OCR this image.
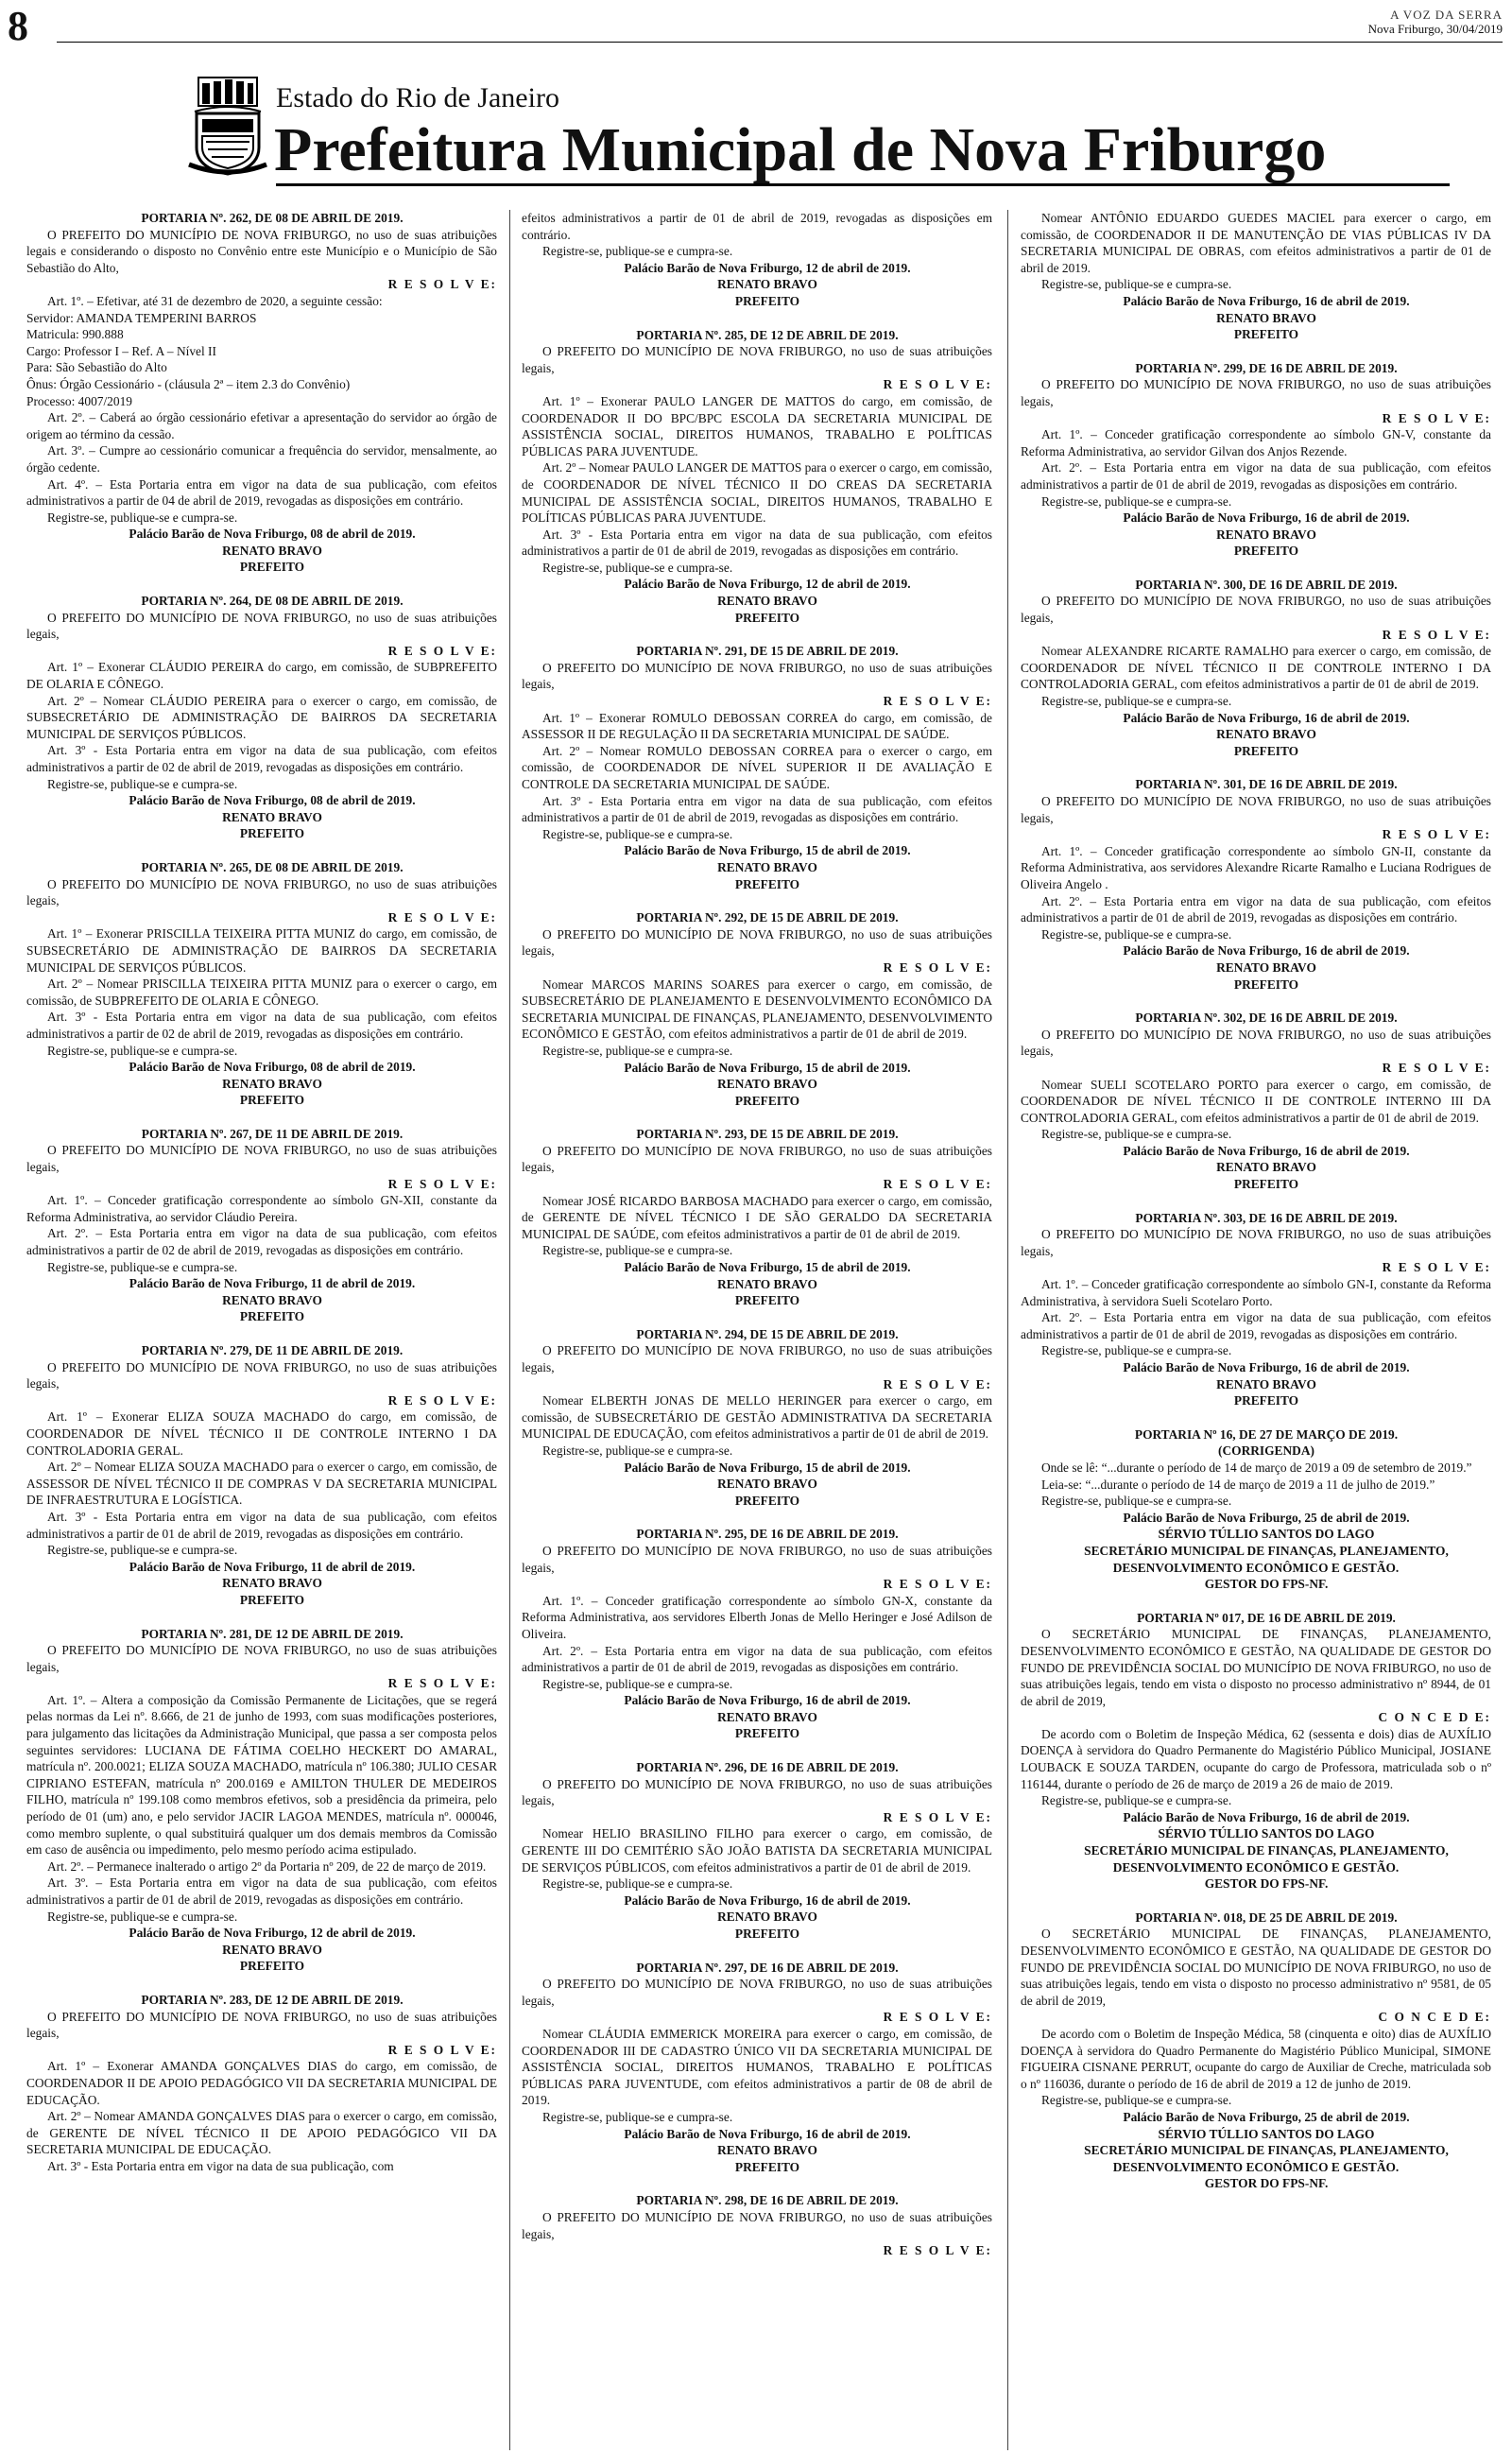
8	A VOZ DA SERRA
Nova Friburgo, 30/04/2019
Estado do Rio de Janeiro
Prefeitura Municipal de Nova Friburgo

PORTARIA Nº. 262, DE 08 DE ABRIL DE 2019.

O PREFEITO DO MUNICÍPIO DE NOVA FRIBURGO, no uso de suas atribuições legais e considerando o disposto no Convênio entre este Município e o Município de São Sebastião do Alto,

R E S O L V E:

Art. 1º. – Efetivar, até 31 de dezembro de 2020, a seguinte cessão:

Servidor: AMANDA TEMPERINI BARROS

Matricula: 990.888

Cargo: Professor I – Ref. A – Nível II

Para: São Sebastião do Alto

Ônus: Órgão Cessionário - (cláusula 2ª – item 2.3 do Convênio)

Processo: 4007/2019

Art. 2º. – Caberá ao órgão cessionário efetivar a apresentação do servidor ao órgão de origem ao término da cessão.

Art. 3º. – Cumpre ao cessionário comunicar a frequência do servidor, mensalmente, ao órgão cedente.

Art. 4º. – Esta Portaria entra em vigor na data de sua publicação, com efeitos administrativos a partir de 04 de abril de 2019, revogadas as disposições em contrário.

Registre-se, publique-se e cumpra-se.

Palácio Barão de Nova Friburgo, 08 de abril de 2019.

RENATO BRAVO

PREFEITO

PORTARIA Nº. 264, DE 08 DE ABRIL DE 2019.

O PREFEITO DO MUNICÍPIO DE NOVA FRIBURGO, no uso de suas atribuições legais,

R E S O L V E:

Art. 1º – Exonerar CLÁUDIO PEREIRA do cargo, em comissão, de SUBPREFEITO DE OLARIA E CÔNEGO.

Art. 2º – Nomear CLÁUDIO PEREIRA para o exercer o cargo, em comissão, de SUBSECRETÁRIO DE ADMINISTRAÇÃO DE BAIRROS DA SECRETARIA MUNICIPAL DE SERVIÇOS PÚBLICOS.

Art. 3º - Esta Portaria entra em vigor na data de sua publicação, com efeitos administrativos a partir de 02 de abril de 2019, revogadas as disposições em contrário.

Registre-se, publique-se e cumpra-se.

Palácio Barão de Nova Friburgo, 08 de abril de 2019.

RENATO BRAVO

PREFEITO

PORTARIA Nº. 265, DE 08 DE ABRIL DE 2019.

O PREFEITO DO MUNICÍPIO DE NOVA FRIBURGO, no uso de suas atribuições legais,

R E S O L V E:

Art. 1º – Exonerar PRISCILLA TEIXEIRA PITTA MUNIZ do cargo, em comissão, de SUBSECRETÁRIO DE ADMINISTRAÇÃO DE BAIRROS DA SECRETARIA MUNICIPAL DE SERVIÇOS PÚBLICOS.

Art. 2º – Nomear PRISCILLA TEIXEIRA PITTA MUNIZ para o exercer o cargo, em comissão, de SUBPREFEITO DE OLARIA E CÔNEGO.

Art. 3º - Esta Portaria entra em vigor na data de sua publicação, com efeitos administrativos a partir de 02 de abril de 2019, revogadas as disposições em contrário.

Registre-se, publique-se e cumpra-se.

Palácio Barão de Nova Friburgo, 08 de abril de 2019.

RENATO BRAVO

PREFEITO

PORTARIA Nº. 267, DE 11 DE ABRIL DE 2019.

O PREFEITO DO MUNICÍPIO DE NOVA FRIBURGO, no uso de suas atribuições legais,

R E S O L V E:

Art. 1º. – Conceder gratificação correspondente ao símbolo GN-XII, constante da Reforma Administrativa, ao servidor Cláudio Pereira.

Art. 2º. – Esta Portaria entra em vigor na data de sua publicação, com efeitos administrativos a partir de 02 de abril de 2019, revogadas as disposições em contrário.

Registre-se, publique-se e cumpra-se.

Palácio Barão de Nova Friburgo, 11 de abril de 2019.

RENATO BRAVO

PREFEITO

PORTARIA Nº. 279, DE 11 DE ABRIL DE 2019.

O PREFEITO DO MUNICÍPIO DE NOVA FRIBURGO, no uso de suas atribuições legais,

R E S O L V E:

Art. 1º – Exonerar ELIZA SOUZA MACHADO do cargo, em comissão, de COORDENADOR DE NÍVEL TÉCNICO II DE CONTROLE INTERNO I DA CONTROLADORIA GERAL.

Art. 2º – Nomear ELIZA SOUZA MACHADO para o exercer o cargo, em comissão, de ASSESSOR DE NÍVEL TÉCNICO II DE COMPRAS V DA SECRETARIA MUNICIPAL DE INFRAESTRUTURA E LOGÍSTICA.

Art. 3º - Esta Portaria entra em vigor na data de sua publicação, com efeitos administrativos a partir de 01 de abril de 2019, revogadas as disposições em contrário.

Registre-se, publique-se e cumpra-se.

Palácio Barão de Nova Friburgo, 11 de abril de 2019.

RENATO BRAVO

PREFEITO

PORTARIA Nº. 281, DE 12 DE ABRIL DE 2019.

O PREFEITO DO MUNICÍPIO DE NOVA FRIBURGO, no uso de suas atribuições legais,

R E S O L V E:

Art. 1º. – Altera a composição da Comissão Permanente de Licitações, que se regerá pelas normas da Lei nº. 8.666, de 21 de junho de 1993, com suas modificações posteriores, para julgamento das licitações da Administração Municipal, que passa a ser composta pelos seguintes servidores: LUCIANA DE FÁTIMA COELHO HECKERT DO AMARAL, matrícula nº. 200.0021; ELIZA SOUZA MACHADO, matrícula nº 106.380; JULIO CESAR CIPRIANO ESTEFAN, matrícula nº 200.0169 e AMILTON THULER DE MEDEIROS FILHO, matrícula nº 199.108 como membros efetivos, sob a presidência da primeira, pelo período de 01 (um) ano, e pelo servidor JACIR LAGOA MENDES, matrícula nº. 000046, como membro suplente, o qual substituirá qualquer um dos demais membros da Comissão em caso de ausência ou impedimento, pelo mesmo período acima estipulado.

Art. 2º. – Permanece inalterado o artigo 2º da Portaria nº 209, de 22 de março de 2019.

Art. 3º. – Esta Portaria entra em vigor na data de sua publicação, com efeitos administrativos a partir de 01 de abril de 2019, revogadas as disposições em contrário.

Registre-se, publique-se e cumpra-se.

Palácio Barão de Nova Friburgo, 12 de abril de 2019.

RENATO BRAVO

PREFEITO

PORTARIA Nº. 283, DE 12 DE ABRIL DE 2019.

O PREFEITO DO MUNICÍPIO DE NOVA FRIBURGO, no uso de suas atribuições legais,

R E S O L V E:

Art. 1º – Exonerar AMANDA GONÇALVES DIAS do cargo, em comissão, de COORDENADOR II DE APOIO PEDAGÓGICO VII DA SECRETARIA MUNICIPAL DE EDUCAÇÃO.

Art. 2º – Nomear AMANDA GONÇALVES DIAS para o exercer o cargo, em comissão, de GERENTE DE NÍVEL TÉCNICO II DE APOIO PEDAGÓGICO VII DA SECRETARIA MUNICIPAL DE EDUCAÇÃO.

Art. 3º - Esta Portaria entra em vigor na data de sua publicação, com

efeitos administrativos a partir de 01 de abril de 2019, revogadas as disposições em contrário.

Registre-se, publique-se e cumpra-se.

Palácio Barão de Nova Friburgo, 12 de abril de 2019.

RENATO BRAVO

PREFEITO

PORTARIA Nº. 285, DE 12 DE ABRIL DE 2019.

O PREFEITO DO MUNICÍPIO DE NOVA FRIBURGO, no uso de suas atribuições legais,

R E S O L V E:

Art. 1º – Exonerar PAULO LANGER DE MATTOS do cargo, em comissão, de COORDENADOR II DO BPC/BPC ESCOLA DA SECRETARIA MUNICIPAL DE ASSISTÊNCIA SOCIAL, DIREITOS HUMANOS, TRABALHO E POLÍTICAS PÚBLICAS PARA JUVENTUDE.

Art. 2º – Nomear PAULO LANGER DE MATTOS para o exercer o cargo, em comissão, de COORDENADOR DE NÍVEL TÉCNICO II DO CREAS DA SECRETARIA MUNICIPAL DE ASSISTÊNCIA SOCIAL, DIREITOS HUMANOS, TRABALHO E POLÍTICAS PÚBLICAS PARA JUVENTUDE.

Art. 3º - Esta Portaria entra em vigor na data de sua publicação, com efeitos administrativos a partir de 01 de abril de 2019, revogadas as disposições em contrário.

Registre-se, publique-se e cumpra-se.

Palácio Barão de Nova Friburgo, 12 de abril de 2019.

RENATO BRAVO

PREFEITO

PORTARIA Nº. 291, DE 15 DE ABRIL DE 2019.

O PREFEITO DO MUNICÍPIO DE NOVA FRIBURGO, no uso de suas atribuições legais,

R E S O L V E:

Art. 1º – Exonerar ROMULO DEBOSSAN CORREA do cargo, em comissão, de ASSESSOR II DE REGULAÇÃO II DA SECRETARIA MUNICIPAL DE SAÚDE.

Art. 2º – Nomear ROMULO DEBOSSAN CORREA para o exercer o cargo, em comissão, de COORDENADOR DE NÍVEL SUPERIOR II DE AVALIAÇÃO E CONTROLE DA SECRETARIA MUNICIPAL DE SAÚDE.

Art. 3º - Esta Portaria entra em vigor na data de sua publicação, com efeitos administrativos a partir de 01 de abril de 2019, revogadas as disposições em contrário.

Registre-se, publique-se e cumpra-se.

Palácio Barão de Nova Friburgo, 15 de abril de 2019.

RENATO BRAVO

PREFEITO

PORTARIA Nº. 292, DE 15 DE ABRIL DE 2019.

O PREFEITO DO MUNICÍPIO DE NOVA FRIBURGO, no uso de suas atribuições legais,

R E S O L V E:

Nomear MARCOS MARINS SOARES para exercer o cargo, em comissão, de SUBSECRETÁRIO DE PLANEJAMENTO E DESENVOLVIMENTO ECONÔMICO DA SECRETARIA MUNICIPAL DE FINANÇAS, PLANEJAMENTO, DESENVOLVIMENTO ECONÔMICO E GESTÃO, com efeitos administrativos a partir de 01 de abril de 2019.

Registre-se, publique-se e cumpra-se.

Palácio Barão de Nova Friburgo, 15 de abril de 2019.

RENATO BRAVO

PREFEITO

PORTARIA Nº. 293, DE 15 DE ABRIL DE 2019.

O PREFEITO DO MUNICÍPIO DE NOVA FRIBURGO, no uso de suas atribuições legais,

R E S O L V E:

Nomear JOSÉ RICARDO BARBOSA MACHADO para exercer o cargo, em comissão, de GERENTE DE NÍVEL TÉCNICO I DE SÃO GERALDO DA SECRETARIA MUNICIPAL DE SAÚDE, com efeitos administrativos a partir de 01 de abril de 2019.

Registre-se, publique-se e cumpra-se.

Palácio Barão de Nova Friburgo, 15 de abril de 2019.

RENATO BRAVO

PREFEITO

PORTARIA Nº. 294, DE 15 DE ABRIL DE 2019.

O PREFEITO DO MUNICÍPIO DE NOVA FRIBURGO, no uso de suas atribuições legais,

R E S O L V E:

Nomear ELBERTH JONAS DE MELLO HERINGER para exercer o cargo, em comissão, de SUBSECRETÁRIO DE GESTÃO ADMINISTRATIVA DA SECRETARIA MUNICIPAL DE EDUCAÇÃO, com efeitos administrativos a partir de 01 de abril de 2019.

Registre-se, publique-se e cumpra-se.

Palácio Barão de Nova Friburgo, 15 de abril de 2019.

RENATO BRAVO

PREFEITO

PORTARIA Nº. 295, DE 16 DE ABRIL DE 2019.

O PREFEITO DO MUNICÍPIO DE NOVA FRIBURGO, no uso de suas atribuições legais,

R E S O L V E:

Art. 1º. – Conceder gratificação correspondente ao símbolo GN-X, constante da Reforma Administrativa, aos servidores Elberth Jonas de Mello Heringer e José Adilson de Oliveira.

Art. 2º. – Esta Portaria entra em vigor na data de sua publicação, com efeitos administrativos a partir de 01 de abril de 2019, revogadas as disposições em contrário.

Registre-se, publique-se e cumpra-se.

Palácio Barão de Nova Friburgo, 16 de abril de 2019.

RENATO BRAVO

PREFEITO

PORTARIA Nº. 296, DE 16 DE ABRIL DE 2019.

O PREFEITO DO MUNICÍPIO DE NOVA FRIBURGO, no uso de suas atribuições legais,

R E S O L V E:

Nomear HELIO BRASILINO FILHO para exercer o cargo, em comissão, de GERENTE III DO CEMITÉRIO SÃO JOÃO BATISTA DA SECRETARIA MUNICIPAL DE SERVIÇOS PÚBLICOS, com efeitos administrativos a partir de 01 de abril de 2019.

Registre-se, publique-se e cumpra-se.

Palácio Barão de Nova Friburgo, 16 de abril de 2019.

RENATO BRAVO

PREFEITO

PORTARIA Nº. 297, DE 16 DE ABRIL DE 2019.

O PREFEITO DO MUNICÍPIO DE NOVA FRIBURGO, no uso de suas atribuições legais,

R E S O L V E:

Nomear CLÁUDIA EMMERICK MOREIRA para exercer o cargo, em comissão, de COORDENADOR III DE CADASTRO ÚNICO VII DA SECRETARIA MUNICIPAL DE ASSISTÊNCIA SOCIAL, DIREITOS HUMANOS, TRABALHO E POLÍTICAS PÚBLICAS PARA JUVENTUDE, com efeitos administrativos a partir de 08 de abril de 2019.

Registre-se, publique-se e cumpra-se.

Palácio Barão de Nova Friburgo, 16 de abril de 2019.

RENATO BRAVO

PREFEITO

PORTARIA Nº. 298, DE 16 DE ABRIL DE 2019.

O PREFEITO DO MUNICÍPIO DE NOVA FRIBURGO, no uso de suas atribuições legais,

R E S O L V E:

Nomear ANTÔNIO EDUARDO GUEDES MACIEL para exercer o cargo, em comissão, de COORDENADOR II DE MANUTENÇÃO DE VIAS PÚBLICAS IV DA SECRETARIA MUNICIPAL DE OBRAS, com efeitos administrativos a partir de 01 de abril de 2019.

Registre-se, publique-se e cumpra-se.

Palácio Barão de Nova Friburgo, 16 de abril de 2019.

RENATO BRAVO

PREFEITO

PORTARIA Nº. 299, DE 16 DE ABRIL DE 2019.

O PREFEITO DO MUNICÍPIO DE NOVA FRIBURGO, no uso de suas atribuições legais,

R E S O L V E:

Art. 1º. – Conceder gratificação correspondente ao símbolo GN-V, constante da Reforma Administrativa, ao servidor Gilvan dos Anjos Rezende.

Art. 2º. – Esta Portaria entra em vigor na data de sua publicação, com efeitos administrativos a partir de 01 de abril de 2019, revogadas as disposições em contrário.

Registre-se, publique-se e cumpra-se.

Palácio Barão de Nova Friburgo, 16 de abril de 2019.

RENATO BRAVO

PREFEITO

PORTARIA Nº. 300, DE 16 DE ABRIL DE 2019.

O PREFEITO DO MUNICÍPIO DE NOVA FRIBURGO, no uso de suas atribuições legais,

R E S O L V E:

Nomear ALEXANDRE RICARTE RAMALHO para exercer o cargo, em comissão, de COORDENADOR DE NÍVEL TÉCNICO II DE CONTROLE INTERNO I DA CONTROLADORIA GERAL, com efeitos administrativos a partir de 01 de abril de 2019.

Registre-se, publique-se e cumpra-se.

Palácio Barão de Nova Friburgo, 16 de abril de 2019.

RENATO BRAVO

PREFEITO

PORTARIA Nº. 301, DE 16 DE ABRIL DE 2019.

O PREFEITO DO MUNICÍPIO DE NOVA FRIBURGO, no uso de suas atribuições legais,

R E S O L V E:

Art. 1º. – Conceder gratificação correspondente ao símbolo GN-II, constante da Reforma Administrativa, aos servidores Alexandre Ricarte Ramalho e Luciana Rodrigues de Oliveira Angelo .

Art. 2º. – Esta Portaria entra em vigor na data de sua publicação, com efeitos administrativos a partir de 01 de abril de 2019, revogadas as disposições em contrário.

Registre-se, publique-se e cumpra-se.

Palácio Barão de Nova Friburgo, 16 de abril de 2019.

RENATO BRAVO

PREFEITO

PORTARIA Nº. 302, DE 16 DE ABRIL DE 2019.

O PREFEITO DO MUNICÍPIO DE NOVA FRIBURGO, no uso de suas atribuições legais,

R E S O L V E:

Nomear SUELI SCOTELARO PORTO para exercer o cargo, em comissão, de COORDENADOR DE NÍVEL TÉCNICO II DE CONTROLE INTERNO III DA CONTROLADORIA GERAL, com efeitos administrativos a partir de 01 de abril de 2019.

Registre-se, publique-se e cumpra-se.

Palácio Barão de Nova Friburgo, 16 de abril de 2019.

RENATO BRAVO

PREFEITO

PORTARIA Nº. 303, DE 16 DE ABRIL DE 2019.

O PREFEITO DO MUNICÍPIO DE NOVA FRIBURGO, no uso de suas atribuições legais,

R E S O L V E:

Art. 1º. – Conceder gratificação correspondente ao símbolo GN-I, constante da Reforma Administrativa, à servidora Sueli Scotelaro Porto.

Art. 2º. – Esta Portaria entra em vigor na data de sua publicação, com efeitos administrativos a partir de 01 de abril de 2019, revogadas as disposições em contrário.

Registre-se, publique-se e cumpra-se.

Palácio Barão de Nova Friburgo, 16 de abril de 2019.

RENATO BRAVO

PREFEITO

PORTARIA Nº 16, DE 27 DE MARÇO DE 2019.

(CORRIGENDA)

Onde se lê: “...durante o período de 14 de março de 2019 a 09 de setembro de 2019.”

Leia-se: “...durante o período de 14 de março de 2019 a 11 de julho de 2019.”

Registre-se, publique-se e cumpra-se.

Palácio Barão de Nova Friburgo, 25 de abril de 2019.

SÉRVIO TÚLLIO SANTOS DO LAGO

SECRETÁRIO MUNICIPAL DE FINANÇAS, PLANEJAMENTO, DESENVOLVIMENTO ECONÔMICO E GESTÃO.

GESTOR DO FPS-NF.

PORTARIA Nº 017, DE 16 DE ABRIL DE 2019.

O SECRETÁRIO MUNICIPAL DE FINANÇAS, PLANEJAMENTO, DESENVOLVIMENTO ECONÔMICO E GESTÃO, NA QUALIDADE DE GESTOR DO FUNDO DE PREVIDÊNCIA SOCIAL DO MUNICÍPIO DE NOVA FRIBURGO, no uso de suas atribuições legais, tendo em vista o disposto no processo administrativo nº 8944, de 01 de abril de 2019,

C O N C E D E:

De acordo com o Boletim de Inspeção Médica, 62 (sessenta e dois) dias de AUXÍLIO DOENÇA à servidora do Quadro Permanente do Magistério Público Municipal, JOSIANE LOUBACK E SOUZA TARDEN, ocupante do cargo de Professora, matriculada sob o nº 116144, durante o período de 26 de março de 2019 a 26 de maio de 2019.

Registre-se, publique-se e cumpra-se.

Palácio Barão de Nova Friburgo, 16 de abril de 2019.

SÉRVIO TÚLLIO SANTOS DO LAGO

SECRETÁRIO MUNICIPAL DE FINANÇAS, PLANEJAMENTO, DESENVOLVIMENTO ECONÔMICO E GESTÃO.

GESTOR DO FPS-NF.

PORTARIA Nº. 018, DE 25 DE ABRIL DE 2019.

O SECRETÁRIO MUNICIPAL DE FINANÇAS, PLANEJAMENTO, DESENVOLVIMENTO ECONÔMICO E GESTÃO, NA QUALIDADE DE GESTOR DO FUNDO DE PREVIDÊNCIA SOCIAL DO MUNICÍPIO DE NOVA FRIBURGO, no uso de suas atribuições legais, tendo em vista o disposto no processo administrativo nº 9581, de 05 de abril de 2019,

C O N C E D E:

De acordo com o Boletim de Inspeção Médica, 58 (cinquenta e oito) dias de AUXÍLIO DOENÇA à servidora do Quadro Permanente do Magistério Público Municipal, SIMONE FIGUEIRA CISNANE PERRUT, ocupante do cargo de Auxiliar de Creche, matriculada sob o nº 116036, durante o período de 16 de abril de 2019 a 12 de junho de 2019.

Registre-se, publique-se e cumpra-se.

Palácio Barão de Nova Friburgo, 25 de abril de 2019.

SÉRVIO TÚLLIO SANTOS DO LAGO

SECRETÁRIO MUNICIPAL DE FINANÇAS, PLANEJAMENTO, DESENVOLVIMENTO ECONÔMICO E GESTÃO.

GESTOR DO FPS-NF.
